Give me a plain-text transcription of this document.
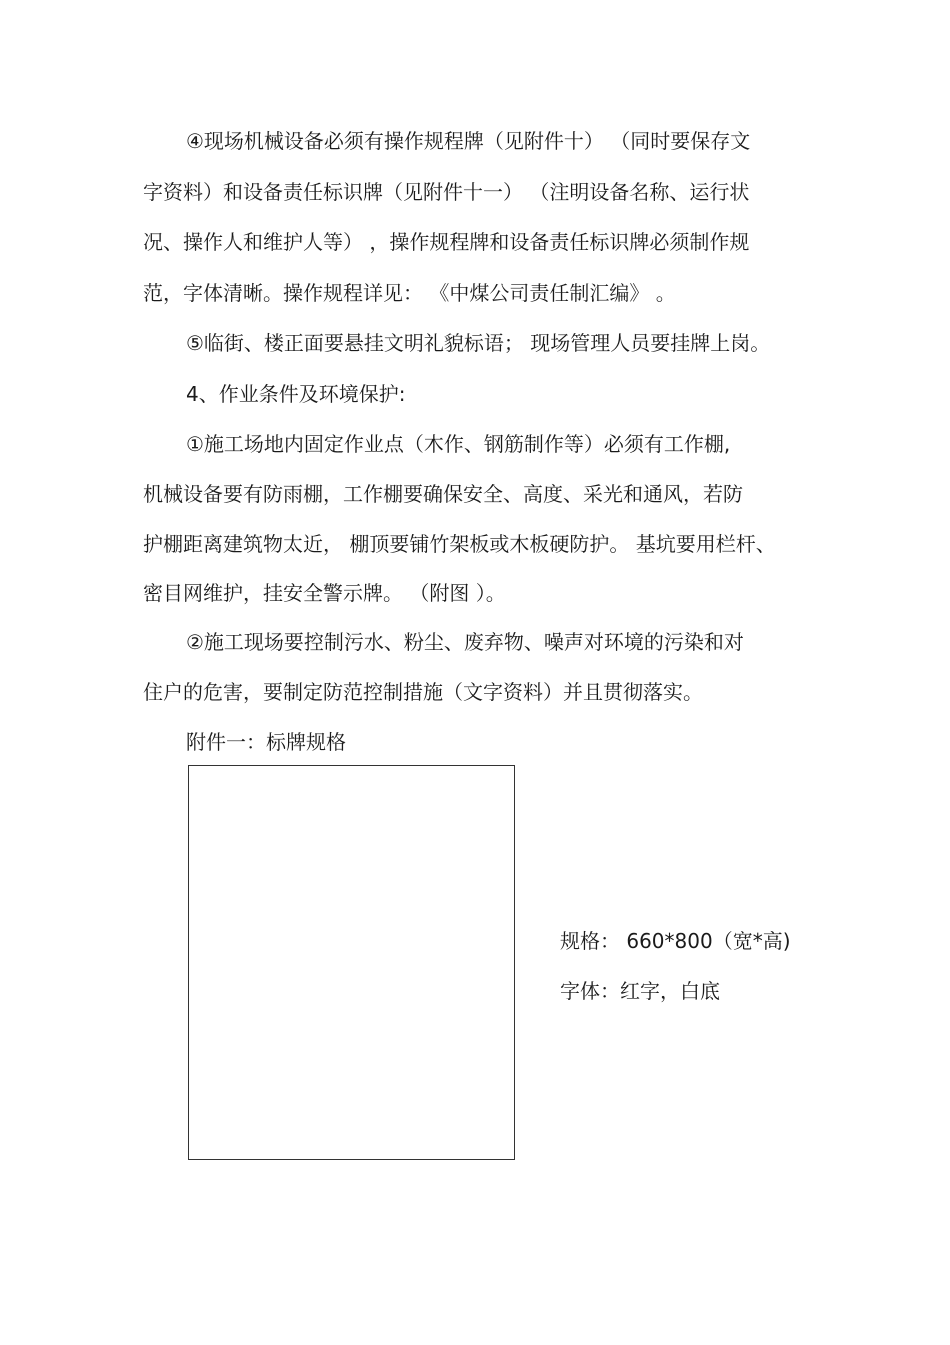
④现场机械设备必须有操作规程牌（见附件十） （同时要保存文
字资料）和设备责任标识牌（见附件十一） （注明设备名称、运行状
况、操作人和维护人等） ，操作规程牌和设备责任标识牌必须制作规
范，字体清晰。操作规程详见： 《中煤公司责任制汇编》 。
⑤临街、楼正面要悬挂文明礼貌标语； 现场管理人员要挂牌上岗。
4、作业条件及环境保护:
①施工场地内固定作业点（木作、钢筋制作等）必须有工作棚,
机械设备要有防雨棚，工作棚要确保安全、高度、采光和通风，若防
护棚距离建筑物太近， 棚顶要铺竹架板或木板硬防护。 基坑要用栏杆、
密目网维护，挂安全警示牌。 （附图 ）。
②施工现场要控制污水、粉尘、废弃物、噪声对环境的污染和对
住户的危害，要制定防范控制措施（文字资料）并且贯彻落实。
附件一：标牌规格
规格： 660*800（宽*高)
字体：红字，白底
